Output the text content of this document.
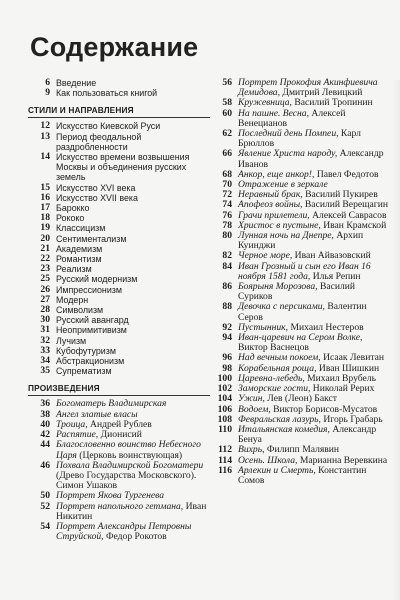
Содержание
6 Введение
9 Как пользоваться книгой
СТИЛИ И НАПРАВЛЕНИЯ
12 Искусство Киевской Руси
13 Период феодальной раздробленности
14 Искусство времени возвышения Москвы и объединения русских земель
15 Искусство XVI века
16 Искусство XVII века
17 Барокко
18 Рококо
19 Классицизм
20 Сентиментализм
21 Академизм
22 Романтизм
23 Реализм
25 Русский модернизм
26 Импрессионизм
27 Модерн
28 Символизм
30 Русский авангард
31 Неопримитивизм
32 Лучизм
33 Кубофутуризм
34 Абстракционизм
35 Супрематизм
ПРОИЗВЕДЕНИЯ
36 Богоматерь Владимирская
38 Ангел златые власы
40 Троица, Андрей Рублев
42 Распятие, Дионисий
44 Благословенно воинство Небесного Царя (Церковь воинствующая)
46 Похвала Владимирской Богоматери (Древо Государства Московского). Симон Ушаков
50 Портрет Якова Тургенева
52 Портрет напольного гетмана, Иван Никитин
54 Портрет Александры Петровны Струйской, Федор Рокотов
56 Портрет Прокофия Акинфиевича Демидова, Дмитрий Левицкий
58 Кружевница, Василий Тропинин
60 На пашне. Весна, Алексей Венецианов
62 Последний день Помпеи, Карл Брюллов
66 Явление Христа народу, Александр Иванов
68 Анкор, еще анкор!, Павел Федотов
70 Отражение в зеркале
72 Неравный брак, Василий Пукирев
74 Апофеоз войны, Василий Верещагин
76 Грачи прилетели, Алексей Саврасов
78 Христос в пустыне, Иван Крамской
80 Лунная ночь на Днепре, Архип Куинджи
82 Черное море, Иван Айвазовский
84 Иван Грозный и сын его Иван 16 ноября 1581 года, Илья Репин
86 Боярыня Морозова, Василий Суриков
88 Девочка с персиками, Валентин Серов
92 Пустынник, Михаил Нестеров
94 Иван-царевич на Сером Волке, Виктор Васнецов
96 Над вечным покоем, Исаак Левитан
98 Корабельная роща, Иван Шишкин
100 Царевна-лебедь, Михаил Врубель
102 Заморские гости, Николай Рерих
104 Ужин, Лев (Леон) Бакст
106 Водоем, Виктор Борисов-Мусатов
108 Февральская лазурь, Игорь Грабарь
110 Итальянская комедия, Александр Бенуа
112 Вихрь, Филипп Малявин
114 Осень. Школа, Марианна Веревкина
116 Арлекин и Смерть, Константин Сомов
